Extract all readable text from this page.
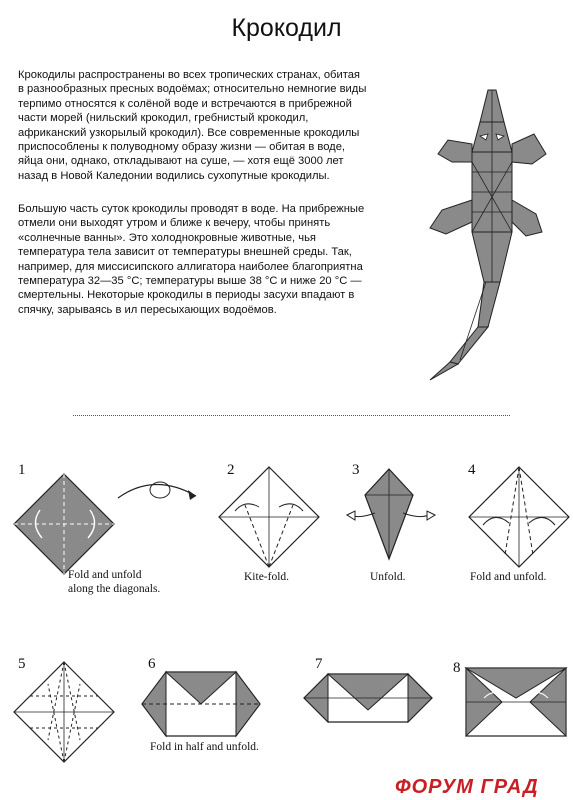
Крокодил
Крокодилы распространены во всех тропических странах, обитая в разнообразных пресных водоёмах; относительно немногие виды терпимо относятся к солёной воде и встречаются в прибрежной части морей (нильский крокодил, гребнистый крокодил, африканский узкорылый крокодил). Все современные крокодилы приспособлены к полуводному образу жизни — обитая в воде, яйца они, однако, откладывают на суше, — хотя ещё 3000 лет назад в Новой Каледонии водились сухопутные крокодилы.
Большую часть суток крокодилы проводят в воде. На прибрежные отмели они выходят утром и ближе к вечеру, чтобы принять «солнечные ванны». Это холоднокровные животные, чья температура тела зависит от температуры внешней среды. Так, например, для миссисипского аллигатора наиболее благоприятна температура 32—35 °С; температуры выше 38 °С и ниже 20 °С — смертельны. Некоторые крокодилы в периоды засухи впадают в спячку, зарываясь в ил пересыхающих водоёмов.
1
Fold and unfold
along the diagonals.
2
Kite-fold.
3
Unfold.
4
Fold and unfold.
5	6
Fold in half and unfold.
7	8
ФОРУМ ГРАД
